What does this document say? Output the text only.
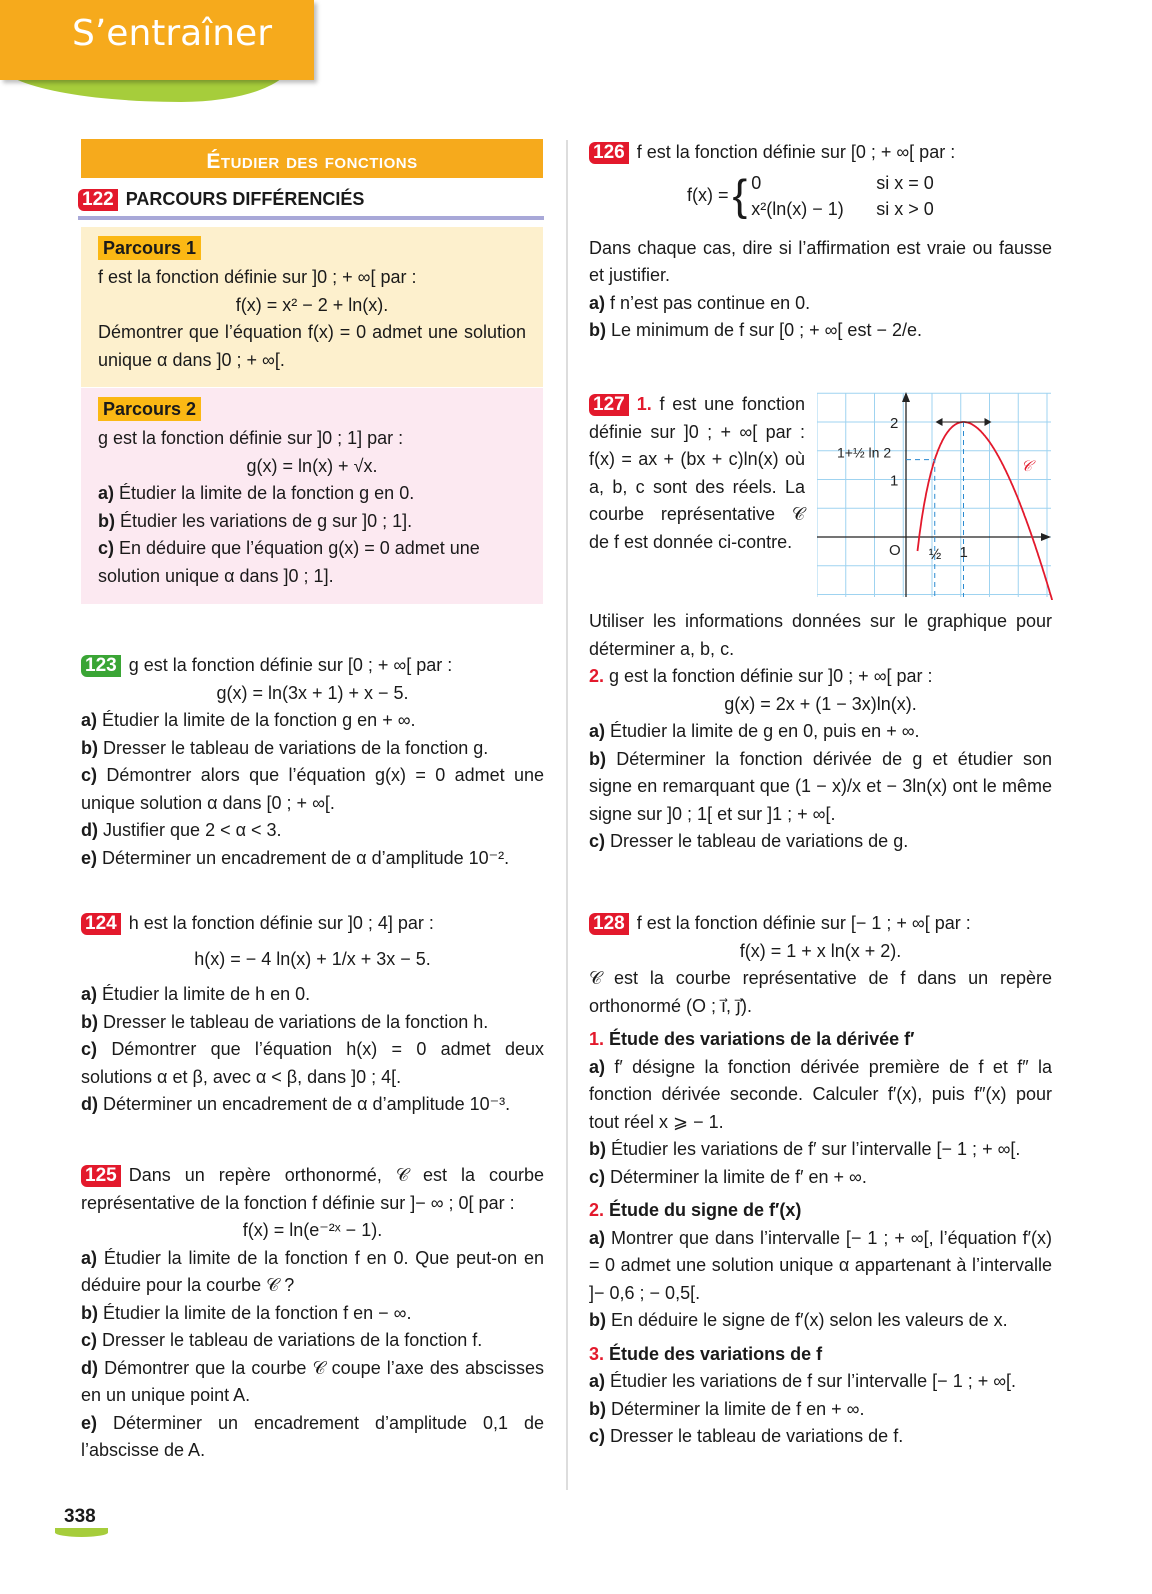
S’entraîner
Étudier des fonctions
122 PARCOURS DIFFÉRENCIÉS
Parcours 1
f est la fonction définie sur ]0 ; + ∞[ par :
f(x) = x² − 2 + ln(x).
Démontrer que l’équation f(x) = 0 admet une solution unique α dans ]0 ; + ∞[.
Parcours 2
g est la fonction définie sur ]0 ; 1] par :
g(x) = ln(x) + √x.
a) Étudier la limite de la fonction g en 0.
b) Étudier les variations de g sur ]0 ; 1].
c) En déduire que l’équation g(x) = 0 admet une solution unique α dans ]0 ; 1].
123 g est la fonction définie sur [0 ; + ∞[ par :
g(x) = ln(3x + 1) + x − 5.
a) Étudier la limite de la fonction g en + ∞.
b) Dresser le tableau de variations de la fonction g.
c) Démontrer alors que l’équation g(x) = 0 admet une unique solution α dans [0 ; + ∞[.
d) Justifier que 2 < α < 3.
e) Déterminer un encadrement de α d’amplitude 10⁻².
124 h est la fonction définie sur ]0 ; 4] par :
h(x) = − 4 ln(x) + 1/x + 3x − 5.
a) Étudier la limite de h en 0.
b) Dresser le tableau de variations de la fonction h.
c) Démontrer que l’équation h(x) = 0 admet deux solutions α et β, avec α < β, dans ]0 ; 4[.
d) Déterminer un encadrement de α d’amplitude 10⁻³.
125 Dans un repère orthonormé, 𝒞 est la courbe représentative de la fonction f définie sur ]− ∞ ; 0[ par :
f(x) = ln(e⁻²ˣ − 1).
a) Étudier la limite de la fonction f en 0. Que peut-on en déduire pour la courbe 𝒞 ?
b) Étudier la limite de la fonction f en − ∞.
c) Dresser le tableau de variations de la fonction f.
d) Démontrer que la courbe 𝒞 coupe l’axe des abscisses en un unique point A.
e) Déterminer un encadrement d’amplitude 0,1 de l’abscisse de A.
126 f est la fonction définie sur [0 ; + ∞[ par :
f(x) = { 0	si x = 0
x²(ln(x) − 1)	si x > 0
Dans chaque cas, dire si l’affirmation est vraie ou fausse et justifier.
a) f n’est pas continue en 0.
b) Le minimum de f sur [0 ; + ∞[ est − 2/e.
127 1. f est une fonction définie sur ]0 ; + ∞[ par : f(x) = ax + (bx + c)ln(x) où a, b, c sont des réels. La courbe représentative 𝒞 de f est donnée ci-contre.
2
1
1+½ ln 2
O ½ 1
𝒞
Utiliser les informations données sur le graphique pour déterminer a, b, c.
2. g est la fonction définie sur ]0 ; + ∞[ par :
g(x) = 2x + (1 − 3x)ln(x).
a) Étudier la limite de g en 0, puis en + ∞.
b) Déterminer la fonction dérivée de g et étudier son signe en remarquant que (1 − x)/x et − 3ln(x) ont le même signe sur ]0 ; 1[ et sur ]1 ; + ∞[.
c) Dresser le tableau de variations de g.
128 f est la fonction définie sur [− 1 ; + ∞[ par :
f(x) = 1 + x ln(x + 2).
𝒞 est la courbe représentative de f dans un repère orthonormé (O ; i⃗, j⃗).
1. Étude des variations de la dérivée f′
a) f′ désigne la fonction dérivée première de f et f″ la fonction dérivée seconde. Calculer f′(x), puis f″(x) pour tout réel x ⩾ − 1.
b) Étudier les variations de f′ sur l’intervalle [− 1 ; + ∞[.
c) Déterminer la limite de f′ en + ∞.
2. Étude du signe de f′(x)
a) Montrer que dans l’intervalle [− 1 ; + ∞[, l’équation f′(x) = 0 admet une solution unique α appartenant à l’intervalle ]− 0,6 ; − 0,5[.
b) En déduire le signe de f′(x) selon les valeurs de x.
3. Étude des variations de f
a) Étudier les variations de f sur l’intervalle [− 1 ; + ∞[.
b) Déterminer la limite de f en + ∞.
c) Dresser le tableau de variations de f.
338
